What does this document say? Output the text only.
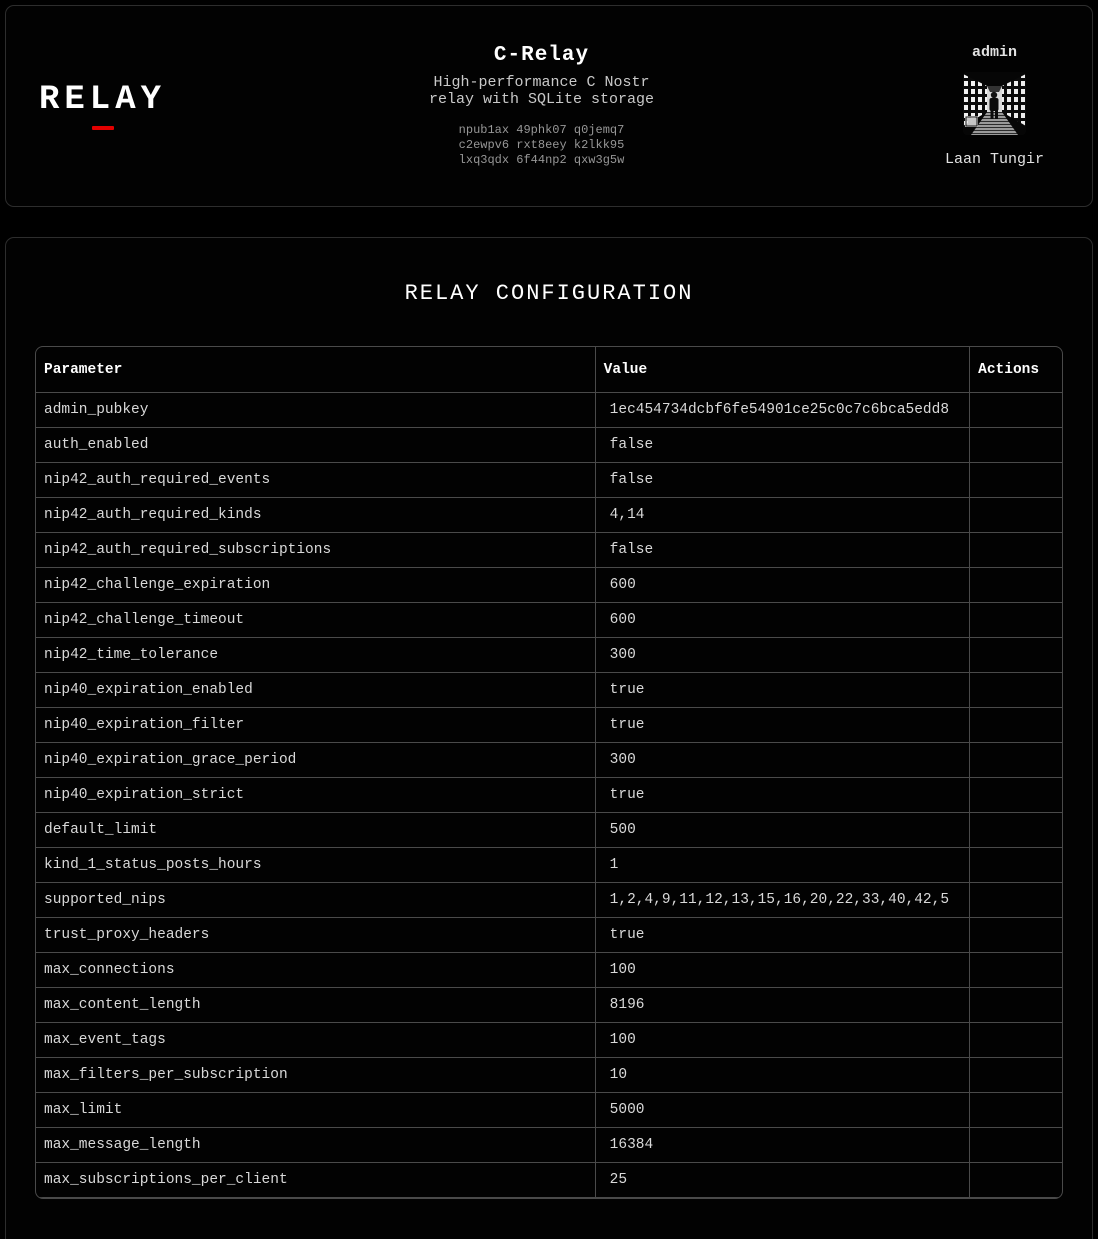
RELAY
C-Relay
High-performance C Nostr relay with SQLite storage
npub1ax 49phk07 q0jemq7
c2ewpv6 rxt8eey k2lkk95
lxq3qdx 6f44np2 qxw3g5w
admin
Laan Tungir
RELAY CONFIGURATION
Parameter	Value	Actions
admin_pubkey	1ec454734dcbf6fe54901ce25c0c7c6bca5edd8	
auth_enabled	false	
nip42_auth_required_events	false	
nip42_auth_required_kinds	4,14	
nip42_auth_required_subscriptions	false	
nip42_challenge_expiration	600	
nip42_challenge_timeout	600	
nip42_time_tolerance	300	
nip40_expiration_enabled	true	
nip40_expiration_filter	true	
nip40_expiration_grace_period	300	
nip40_expiration_strict	true	
default_limit	500	
kind_1_status_posts_hours	1	
supported_nips	1,2,4,9,11,12,13,15,16,20,22,33,40,42,5	
trust_proxy_headers	true	
max_connections	100	
max_content_length	8196	
max_event_tags	100	
max_filters_per_subscription	10	
max_limit	5000	
max_message_length	16384	
max_subscriptions_per_client	25	
